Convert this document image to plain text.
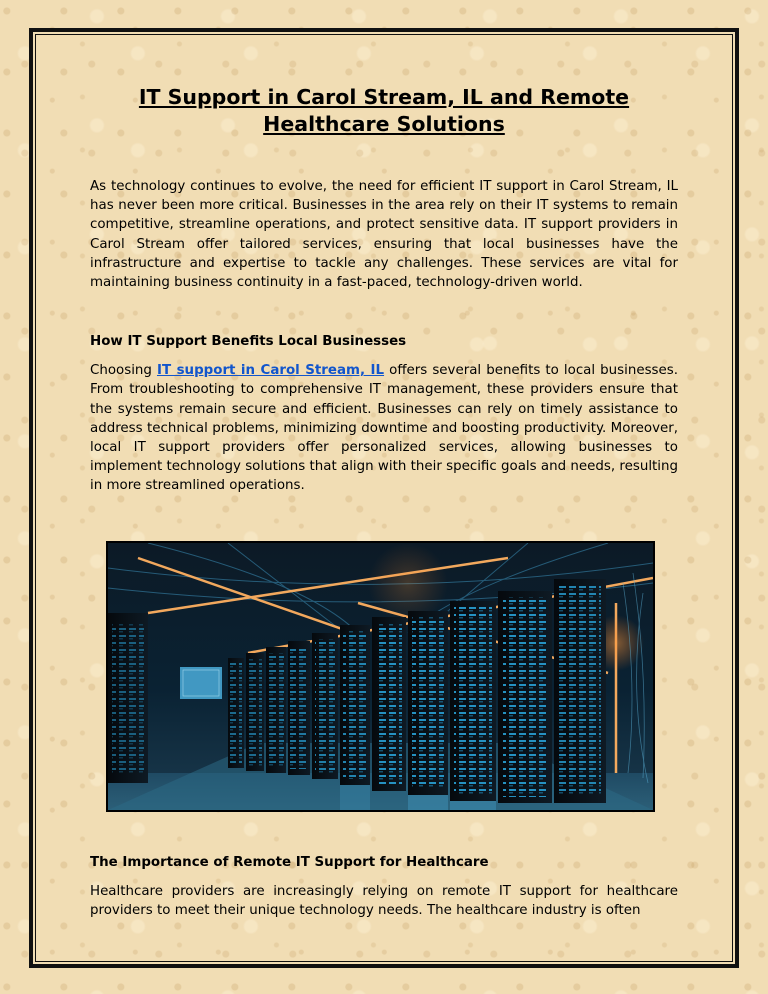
IT Support in Carol Stream, IL and Remote Healthcare Solutions

As technology continues to evolve, the need for efficient IT support in Carol Stream, IL has never been more critical. Businesses in the area rely on their IT systems to remain competitive, streamline operations, and protect sensitive data. IT support providers in Carol Stream offer tailored services, ensuring that local businesses have the infrastructure and expertise to tackle any challenges. These services are vital for maintaining business continuity in a fast-paced, technology-driven world.

How IT Support Benefits Local Businesses

Choosing IT support in Carol Stream, IL offers several benefits to local businesses. From troubleshooting to comprehensive IT management, these providers ensure that the systems remain secure and efficient. Businesses can rely on timely assistance to address technical problems, minimizing downtime and boosting productivity. Moreover, local IT support providers offer personalized services, allowing businesses to implement technology solutions that align with their specific goals and needs, resulting in more streamlined operations.

The Importance of Remote IT Support for Healthcare

Healthcare providers are increasingly relying on remote IT support for healthcare providers to meet their unique technology needs. The healthcare industry is often
